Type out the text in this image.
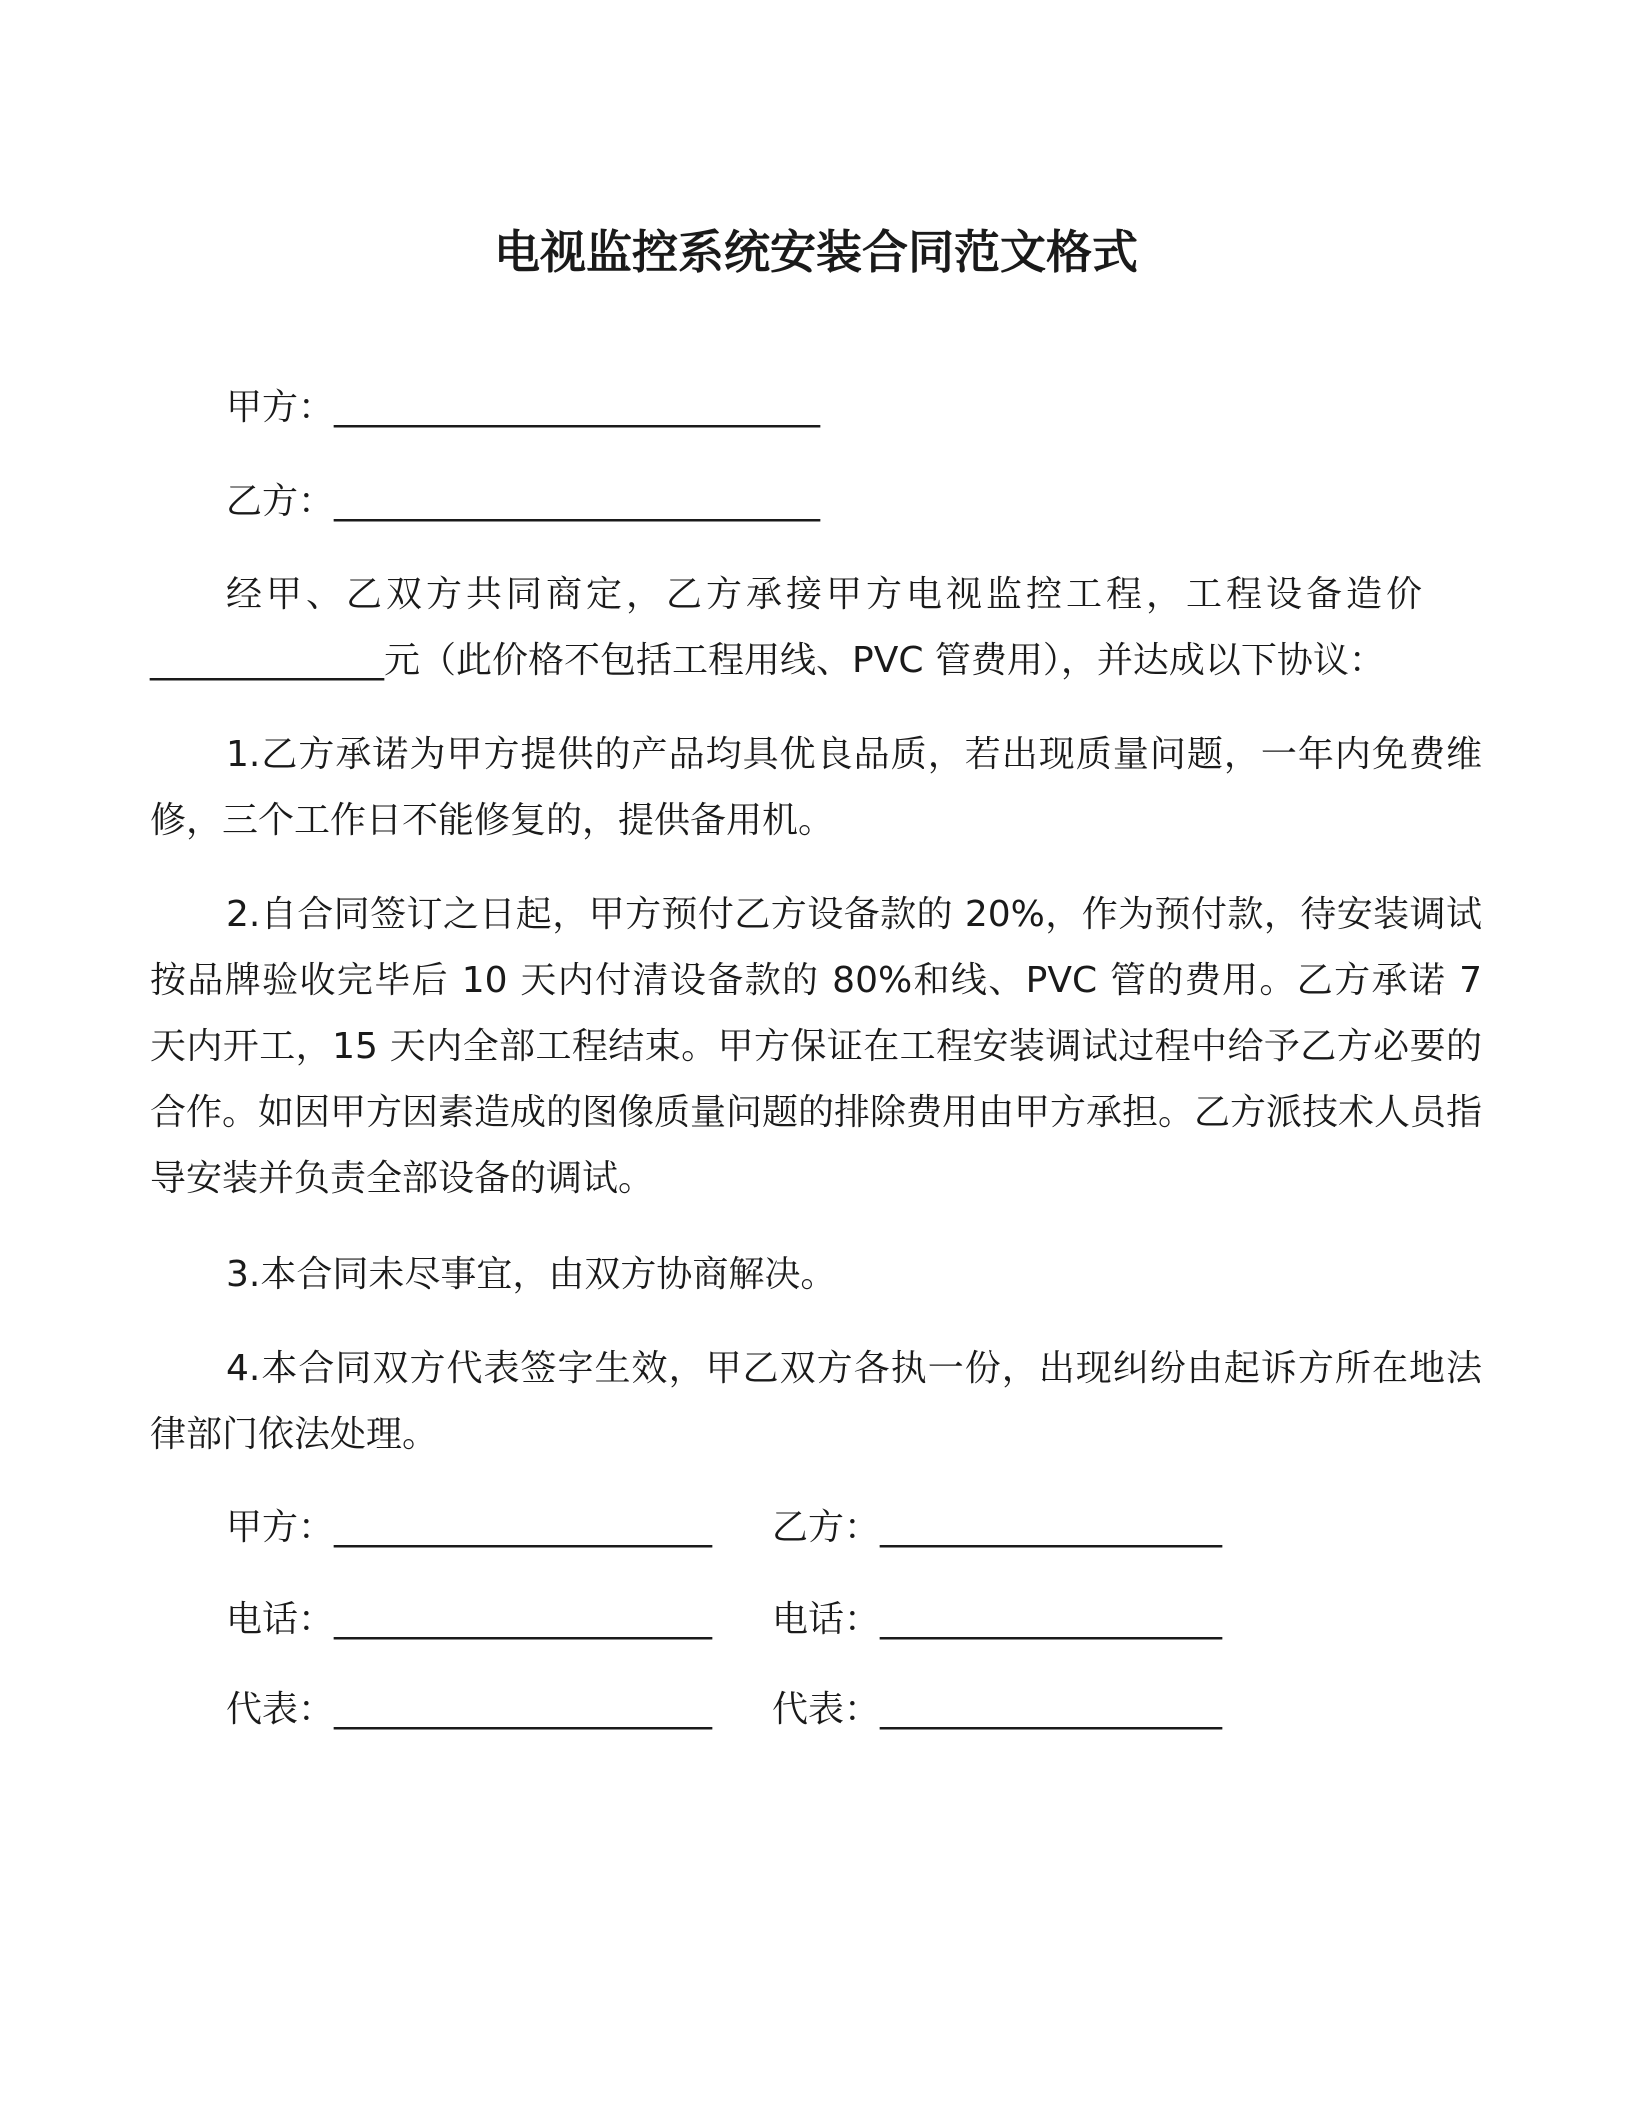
电视监控系统安装合同范文格式
甲方：___________________________
乙方：___________________________

经甲、乙双方共同商定，乙方承接甲方电视监控工程，工程设备造价

_____________元（此价格不包括工程用线、PVC 管费用），并达成以下协议：

1.乙方承诺为甲方提供的产品均具优良品质，若出现质量问题，一年内免费维修，三个工作日不能修复的，提供备用机。

2.自合同签订之日起，甲方预付乙方设备款的 20%，作为预付款，待安装调试按品牌验收完毕后 10 天内付清设备款的 80%和线、PVC 管的费用。乙方承诺 7 天内开工，15 天内全部工程结束。甲方保证在工程安装调试过程中给予乙方必要的合作。如因甲方因素造成的图像质量问题的排除费用由甲方承担。乙方派技术人员指导安装并负责全部设备的调试。

3.本合同未尽事宜，由双方协商解决。

4.本合同双方代表签字生效，甲乙双方各执一份，出现纠纷由起诉方所在地法律部门依法处理。

甲方：_____________________ 乙方：___________________
电话：_____________________ 电话：___________________
代表：_____________________ 代表：___________________
